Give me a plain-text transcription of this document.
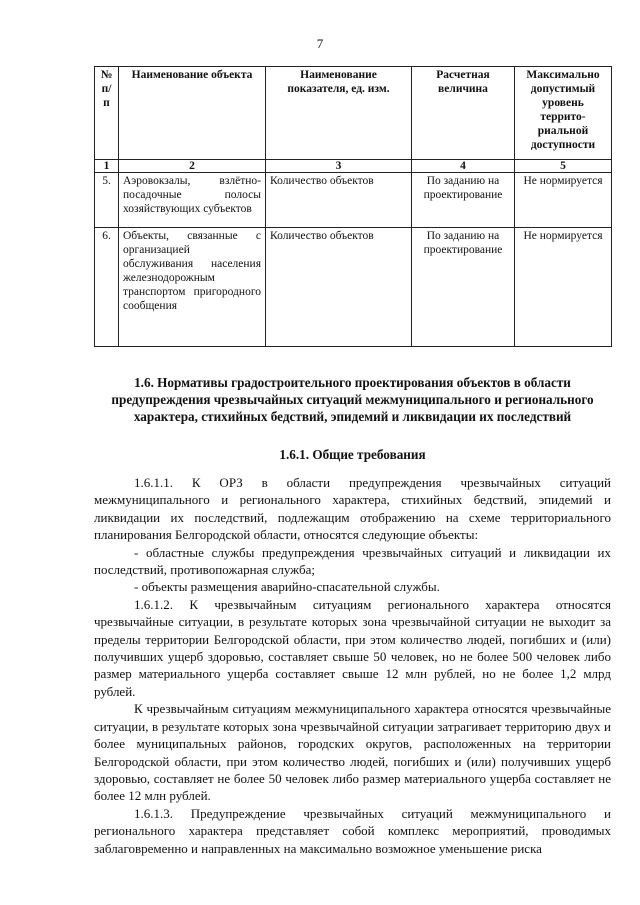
7
№ п/п	Наименование объекта	Наименование показателя, ед. изм.	Расчетная величина	Максимально допустимый уровень террито-риальной доступности
1	2	3	4	5
5.	Аэровокзалы, взлётно-посадочные полосы хозяйствующих субъектов	Количество объектов	По заданию на проектирование	Не нормируется
6.	Объекты, связанные с организацией обслуживания населения железнодорожным транспортом пригородного сообщения	Количество объектов	По заданию на проектирование	Не нормируется
1.6. Нормативы градостроительного проектирования объектов в области предупреждения чрезвычайных ситуаций межмуниципального и регионального характера, стихийных бедствий, эпидемий и ликвидации их последствий
1.6.1. Общие требования

1.6.1.1. К ОРЗ в области предупреждения чрезвычайных ситуаций межмуниципального и регионального характера, стихийных бедствий, эпидемий и ликвидации их последствий, подлежащим отображению на схеме территориального планирования Белгородской области, относятся следующие объекты:

- областные службы предупреждения чрезвычайных ситуаций и ликвидации их последствий, противопожарная служба;

- объекты размещения аварийно-спасательной службы.

1.6.1.2. К чрезвычайным ситуациям регионального характера относятся чрезвычайные ситуации, в результате которых зона чрезвычайной ситуации не выходит за пределы территории Белгородской области, при этом количество людей, погибших и (или) получивших ущерб здоровью, составляет свыше 50 человек, но не более 500 человек либо размер материального ущерба составляет свыше 12 млн рублей, но не более 1,2 млрд рублей.

К чрезвычайным ситуациям межмуниципального характера относятся чрезвычайные ситуации, в результате которых зона чрезвычайной ситуации затрагивает территорию двух и более муниципальных районов, городских округов, расположенных на территории Белгородской области, при этом количество людей, погибших и (или) получивших ущерб здоровью, составляет не более 50 человек либо размер материального ущерба составляет не более 12 млн рублей.

1.6.1.3. Предупреждение чрезвычайных ситуаций межмуниципального и регионального характера представляет собой комплекс мероприятий, проводимых заблаговременно и направленных на максимально возможное уменьшение риска
